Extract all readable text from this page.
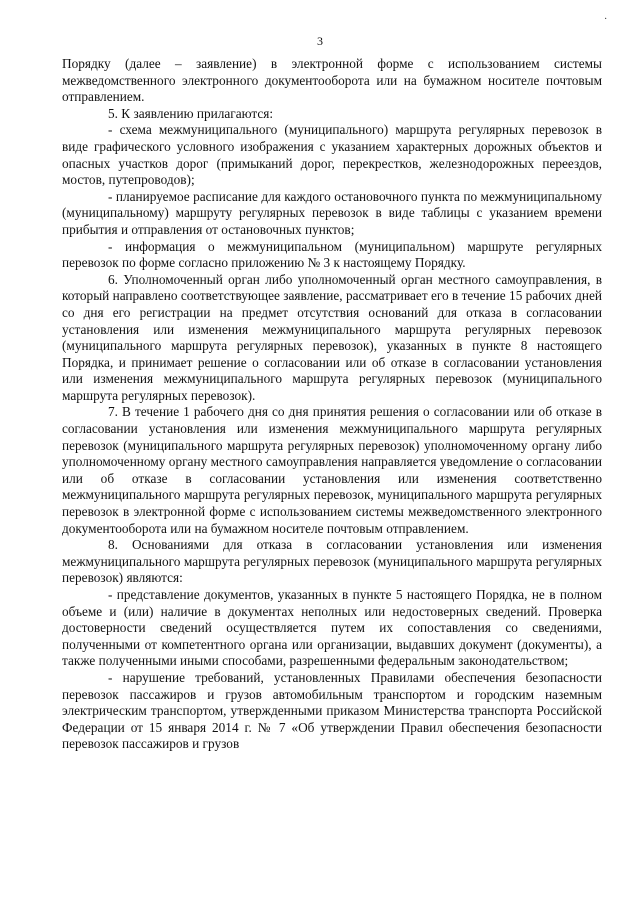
·
3

Порядку (далее – заявление) в электронной форме с использованием системы межведомственного электронного документооборота или на бумажном носителе почтовым отправлением.

5. К заявлению прилагаются:

- схема межмуниципального (муниципального) маршрута регулярных перевозок в виде графического условного изображения с указанием характерных дорожных объектов и опасных участков дорог (примыканий дорог, перекрестков, железнодорожных переездов, мостов, путепроводов);

- планируемое расписание для каждого остановочного пункта по межмуниципальному (муниципальному) маршруту регулярных перевозок в виде таблицы с указанием времени прибытия и отправления от остановочных пунктов;

- информация о межмуниципальном (муниципальном) маршруте регулярных перевозок по форме согласно приложению № 3 к настоящему Порядку.

6. Уполномоченный орган либо уполномоченный орган местного самоуправления, в который направлено соответствующее заявление, рассматривает его в течение 15 рабочих дней со дня его регистрации на предмет отсутствия оснований для отказа в согласовании установления или изменения межмуниципального маршрута регулярных перевозок (муниципального маршрута регулярных перевозок), указанных в пункте 8 настоящего Порядка, и принимает решение о согласовании или об отказе в согласовании установления или изменения межмуниципального маршрута регулярных перевозок (муниципального маршрута регулярных перевозок).

7. В течение 1 рабочего дня со дня принятия решения о согласовании или об отказе в согласовании установления или изменения межмуниципального маршрута регулярных перевозок (муниципального маршрута регулярных перевозок) уполномоченному органу либо уполномоченному органу местного самоуправления направляется уведомление о согласовании или об отказе в согласовании установления или изменения соответственно межмуниципального маршрута регулярных перевозок, муниципального маршрута регулярных перевозок в электронной форме с использованием системы межведомственного электронного документооборота или на бумажном носителе почтовым отправлением.

8. Основаниями для отказа в согласовании установления или изменения межмуниципального маршрута регулярных перевозок (муниципального маршрута регулярных перевозок) являются:

- представление документов, указанных в пункте 5 настоящего Порядка, не в полном объеме и (или) наличие в документах неполных или недостоверных сведений. Проверка достоверности сведений осуществляется путем их сопоставления со сведениями, полученными от компетентного органа или организации, выдавших документ (документы), а также полученными иными способами, разрешенными федеральным законодательством;

- нарушение требований, установленных Правилами обеспечения безопасности перевозок пассажиров и грузов автомобильным транспортом и городским наземным электрическим транспортом, утвержденными приказом Министерства транспорта Российской Федерации от 15 января 2014 г. № 7 «Об утверждении Правил обеспечения безопасности перевозок пассажиров и грузов
